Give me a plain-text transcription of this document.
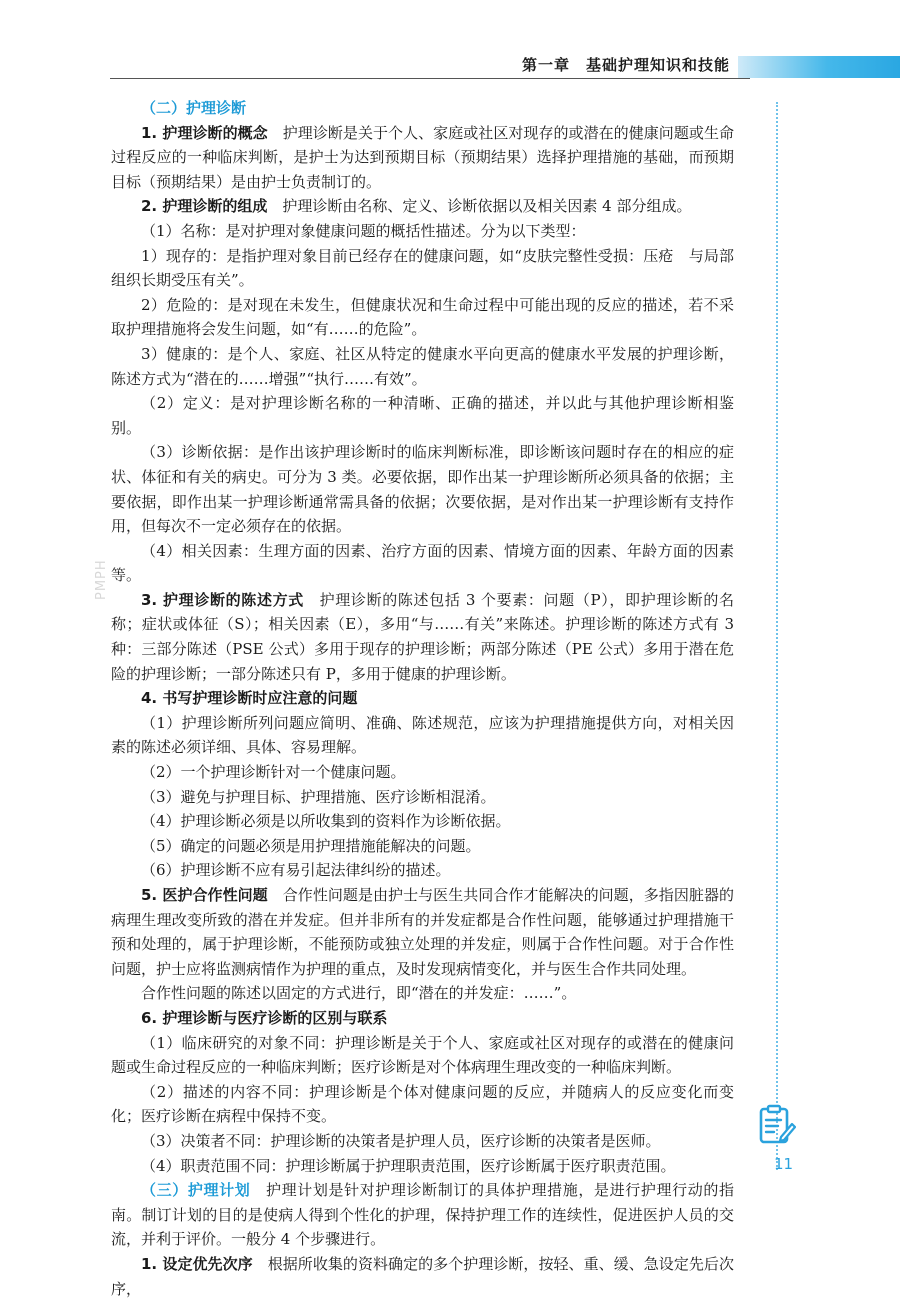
第一章　 基础护理知识和技能
PMPH

（二）护理诊断

1. 护理诊断的概念　 护理诊断是关于个人、家庭或社区对现存的或潜在的健康问题或生命过程反应的一种临床判断，是护士为达到预期目标（预期结果）选择护理措施的基础，而预期目标（预期结果）是由护士负责制订的。

2. 护理诊断的组成　 护理诊断由名称、定义、诊断依据以及相关因素 4 部分组成。

（1）名称：是对护理对象健康问题的概括性描述。分为以下类型：

1）现存的：是指护理对象目前已经存在的健康问题，如“皮肤完整性受损：压疮　与局部组织长期受压有关”。

2）危险的：是对现在未发生，但健康状况和生命过程中可能出现的反应的描述，若不采取护理措施将会发生问题，如“有……的危险”。

3）健康的：是个人、家庭、社区从特定的健康水平向更高的健康水平发展的护理诊断，陈述方式为“潜在的……增强”“执行……有效”。

（2）定义：是对护理诊断名称的一种清晰、正确的描述，并以此与其他护理诊断相鉴别。

（3）诊断依据：是作出该护理诊断时的临床判断标准，即诊断该问题时存在的相应的症状、体征和有关的病史。可分为 3 类。必要依据，即作出某一护理诊断所必须具备的依据；主要依据，即作出某一护理诊断通常需具备的依据；次要依据，是对作出某一护理诊断有支持作用，但每次不一定必须存在的依据。

（4）相关因素：生理方面的因素、治疗方面的因素、情境方面的因素、年龄方面的因素等。

3. 护理诊断的陈述方式　 护理诊断的陈述包括 3 个要素：问题（P），即护理诊断的名称；症状或体征（S）；相关因素（E），多用“与……有关”来陈述。护理诊断的陈述方式有 3 种：三部分陈述（PSE 公式）多用于现存的护理诊断；两部分陈述（PE 公式）多用于潜在危险的护理诊断；一部分陈述只有 P，多用于健康的护理诊断。

4. 书写护理诊断时应注意的问题

（1）护理诊断所列问题应简明、准确、陈述规范，应该为护理措施提供方向，对相关因素的陈述必须详细、具体、容易理解。

（2）一个护理诊断针对一个健康问题。

（3）避免与护理目标、护理措施、医疗诊断相混淆。

（4）护理诊断必须是以所收集到的资料作为诊断依据。

（5）确定的问题必须是用护理措施能解决的问题。

（6）护理诊断不应有易引起法律纠纷的描述。

5. 医护合作性问题　 合作性问题是由护士与医生共同合作才能解决的问题，多指因脏器的病理生理改变所致的潜在并发症。但并非所有的并发症都是合作性问题，能够通过护理措施干预和处理的，属于护理诊断，不能预防或独立处理的并发症，则属于合作性问题。对于合作性问题，护士应将监测病情作为护理的重点，及时发现病情变化，并与医生合作共同处理。

合作性问题的陈述以固定的方式进行，即“潜在的并发症：……”。

6. 护理诊断与医疗诊断的区别与联系

（1）临床研究的对象不同：护理诊断是关于个人、家庭或社区对现存的或潜在的健康问题或生命过程反应的一种临床判断；医疗诊断是对个体病理生理改变的一种临床判断。

（2）描述的内容不同：护理诊断是个体对健康问题的反应，并随病人的反应变化而变化；医疗诊断在病程中保持不变。

（3）决策者不同：护理诊断的决策者是护理人员，医疗诊断的决策者是医师。

（4）职责范围不同：护理诊断属于护理职责范围，医疗诊断属于医疗职责范围。

（三）护理计划　 护理计划是针对护理诊断制订的具体护理措施，是进行护理行动的指南。制订计划的目的是使病人得到个性化的护理，保持护理工作的连续性，促进医护人员的交流，并利于评价。一般分 4 个步骤进行。

1. 设定优先次序　 根据所收集的资料确定的多个护理诊断，按轻、重、缓、急设定先后次序，

11
